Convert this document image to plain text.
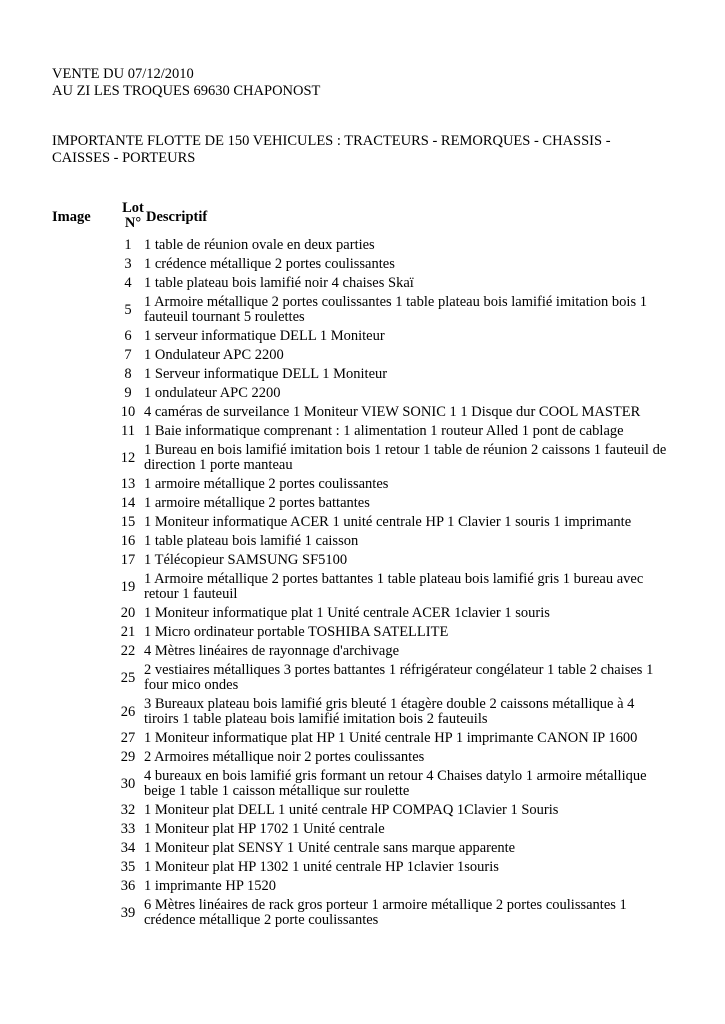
VENTE DU 07/12/2010
AU ZI LES TROQUES 69630 CHAPONOST
IMPORTANTE FLOTTE DE 150 VEHICULES : TRACTEURS - REMORQUES - CHASSIS -
CAISSES - PORTEURS
Image
Lot
N° Descriptif
1 1 table de réunion ovale en deux parties
3 1 crédence métallique 2 portes coulissantes
4 1 table plateau bois lamifié noir 4 chaises Skaï
5 1 Armoire métallique 2 portes coulissantes 1 table plateau bois lamifié imitation bois 1 fauteuil tournant 5 roulettes
6 1 serveur informatique DELL 1 Moniteur
7 1 Ondulateur APC 2200
8 1 Serveur informatique DELL 1 Moniteur
9 1 ondulateur APC 2200
10 4 caméras de surveilance 1 Moniteur VIEW SONIC 1 1 Disque dur COOL MASTER
11 1 Baie informatique comprenant : 1 alimentation 1 routeur Alled 1 pont de cablage
12 1 Bureau en bois lamifié imitation bois 1 retour 1 table de réunion 2 caissons 1 fauteuil de direction 1 porte manteau
13 1 armoire métallique 2 portes coulissantes
14 1 armoire métallique 2 portes battantes
15 1 Moniteur informatique ACER 1 unité centrale HP 1 Clavier 1 souris 1 imprimante
16 1 table plateau bois lamifié 1 caisson
17 1 Télécopieur SAMSUNG SF5100
19 1 Armoire métallique 2 portes battantes 1 table plateau bois lamifié gris 1 bureau avec retour 1 fauteuil
20 1 Moniteur informatique plat 1 Unité centrale ACER 1clavier 1 souris
21 1 Micro ordinateur portable TOSHIBA SATELLITE
22 4 Mètres linéaires de rayonnage d'archivage
25 2 vestiaires métalliques 3 portes battantes 1 réfrigérateur congélateur 1 table 2 chaises 1 four mico ondes
26 3 Bureaux plateau bois lamifié gris bleuté 1 étagère double 2 caissons métallique à 4 tiroirs 1 table plateau bois lamifié imitation bois 2 fauteuils
27 1 Moniteur informatique plat HP 1 Unité centrale HP 1 imprimante CANON IP 1600
29 2 Armoires métallique noir 2 portes coulissantes
30 4 bureaux en bois lamifié gris formant un retour 4 Chaises datylo 1 armoire métallique beige 1 table 1 caisson métallique sur roulette
32 1 Moniteur plat DELL 1 unité centrale HP COMPAQ 1Clavier 1 Souris
33 1 Moniteur plat HP 1702 1 Unité centrale
34 1 Moniteur plat SENSY 1 Unité centrale sans marque apparente
35 1 Moniteur plat HP 1302 1 unité centrale HP 1clavier 1souris
36 1 imprimante HP 1520
39 6 Mètres linéaires de rack gros porteur 1 armoire métallique 2 portes coulissantes 1 crédence métallique 2 porte coulissantes
